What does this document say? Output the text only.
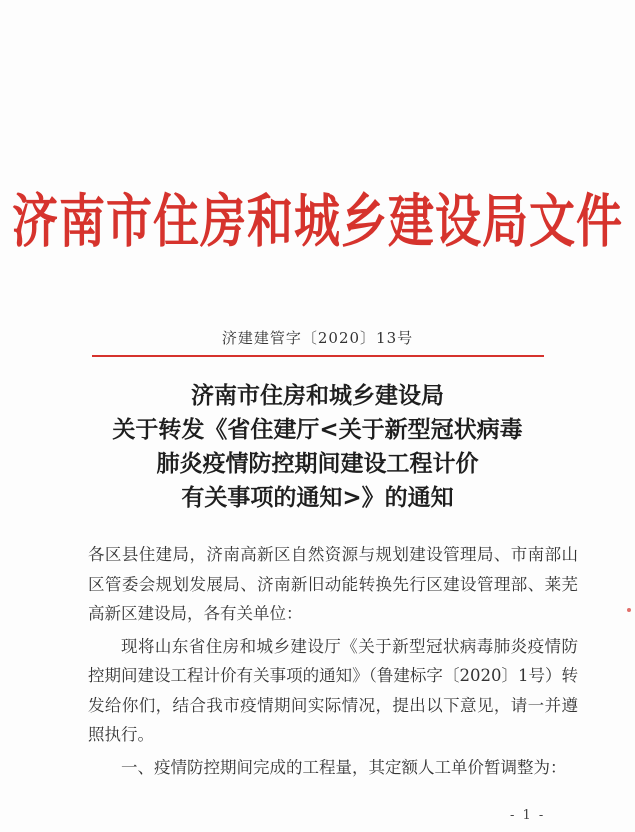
济南市住房和城乡建设局文件
济建建管字〔2020〕13号
济南市住房和城乡建设局
关于转发《省住建厅<关于新型冠状病毒
肺炎疫情防控期间建设工程计价
有关事项的通知>》的通知

各区县住建局，济南高新区自然资源与规划建设管理局、市南部山区管委会规划发展局、济南新旧动能转换先行区建设管理部、莱芜高新区建设局，各有关单位：

现将山东省住房和城乡建设厅《关于新型冠状病毒肺炎疫情防控期间建设工程计价有关事项的通知》（鲁建标字〔2020〕1号）转发给你们，结合我市疫情期间实际情况，提出以下意见，请一并遵照执行。

一、疫情防控期间完成的工程量，其定额人工单价暂调整为：

- 1 -
